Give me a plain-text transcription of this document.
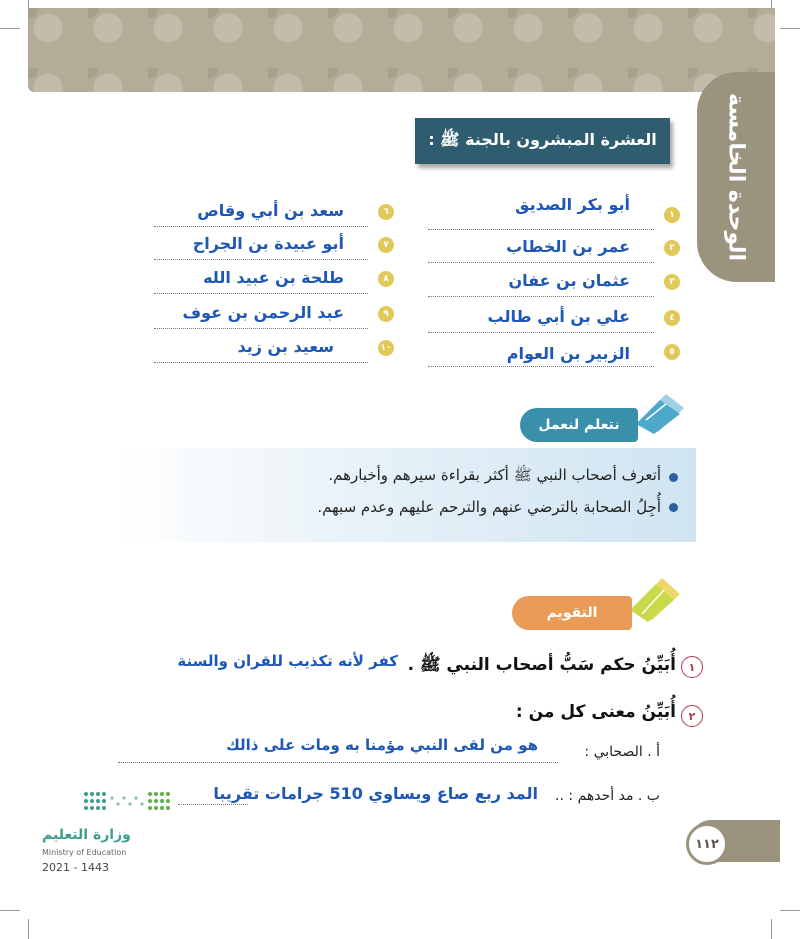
الوحدة الخامسة
العشرة المبشرون بالجنة ﷺ :
١
أبو بكر الصديق
٢
عمر بن الخطاب
٣
عثمان بن عفان
٤
علي بن أبي طالب
٥
الزبير بن العوام
٦
سعد بن أبي وقاص
٧
أبو عبيدة بن الجراح
٨
طلحة بن عبيد الله
٩
عبد الرحمن بن عوف
١٠
سعيد بن زيد
نتعلم لنعمل
أتعرف أصحاب النبي ﷺ أكثر بقراءة سيرهم وأخبارهم.
أُجِلُ الصحابة بالترضي عنهم والترحم عليهم وعدم سبهم.
التقويم
١
أُبَيِّنُ حكم سَبُّ أصحاب النبي ﷺ .
كفر لأنه تكذيب للقران والسنة
٢
أُبَيِّنُ معنى كل من :
هو من لقى النبي مؤمنا به ومات على ذالك	أ . الصحابي :
ب . مد أحدهم : ..
المد ربع صاع ويساوي 510 جرامات تقريبا
١١٢
وزارة التعليم
Ministry of Education
2021 - 1443
